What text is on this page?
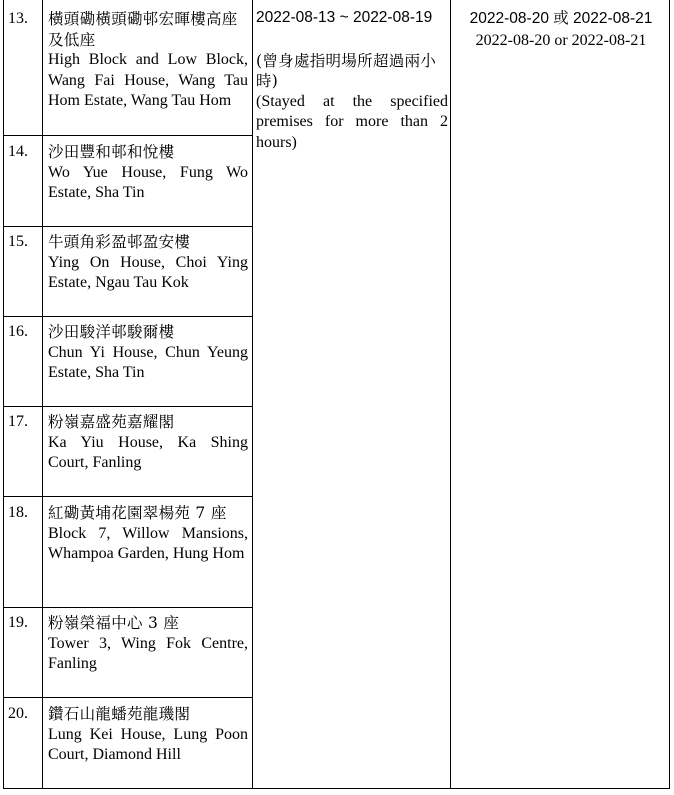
13.	橫頭磡橫頭磡邨宏暉樓高座及低座
High Block and Low Block, Wang Fai House, Wang Tau Hom Estate, Wang Tau Hom
14.	沙田豐和邨和悅樓
Wo Yue House, Fung Wo Estate, Sha Tin
15.	牛頭角彩盈邨盈安樓
Ying On House, Choi Ying Estate, Ngau Tau Kok
16.	沙田駿洋邨駿爾樓
Chun Yi House, Chun Yeung Estate, Sha Tin
17.	粉嶺嘉盛苑嘉耀閣
Ka Yiu House, Ka Shing Court, Fanling
18.	紅磡黃埔花園翠楊苑 7 座
Block 7, Willow Mansions, Whampoa Garden, Hung Hom
19.	粉嶺榮福中心 3 座
Tower 3, Wing Fok Centre, Fanling
20.	鑽石山龍蟠苑龍璣閣
Lung Kei House, Lung Poon Court, Diamond Hill
2022-08-13 ~ 2022-08-19
(曾身處指明場所超過兩小時)
(Stayed at the specified premises for more than 2 hours)
2022-08-20 或 2022-08-21
2022-08-20 or 2022-08-21
